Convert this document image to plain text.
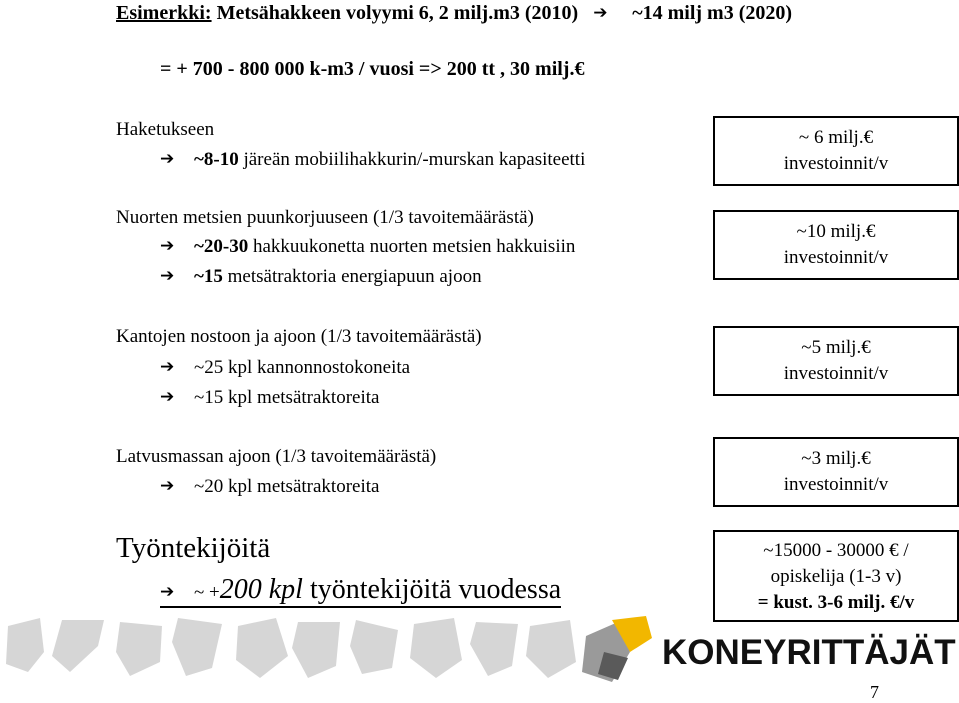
Esimerkki: Metsähakkeen volyymi 6, 2 milj.m3 (2010) ➔ ~14 milj m3 (2020)
= + 700 - 800 000 k-m3 / vuosi => 200 tt , 30 milj.€
Haketukseen
➔ ~8-10 järeän mobiilihakkurin/-murskan kapasiteetti
~ 6 milj.€
investoinnit/v
Nuorten metsien puunkorjuuseen (1/3 tavoitemäärästä)
➔ ~20-30 hakkuukonetta nuorten metsien hakkuisiin
➔ ~15 metsätraktoria energiapuun ajoon
~10 milj.€
investoinnit/v
Kantojen nostoon ja ajoon (1/3 tavoitemäärästä)
➔ ~25 kpl kannonnostokoneita
➔ ~15 kpl metsätraktoreita
~5 milj.€
investoinnit/v
Latvusmassan ajoon (1/3 tavoitemäärästä)
➔ ~20 kpl metsätraktoreita
~3 milj.€
investoinnit/v
Työntekijöitä
➔ ~ +200 kpl työntekijöitä vuodessa
~15000 - 30000 € /
opiskelija (1-3 v)
= kust. 3-6 milj. €/v
KONEYRITTÄJÄT
7
